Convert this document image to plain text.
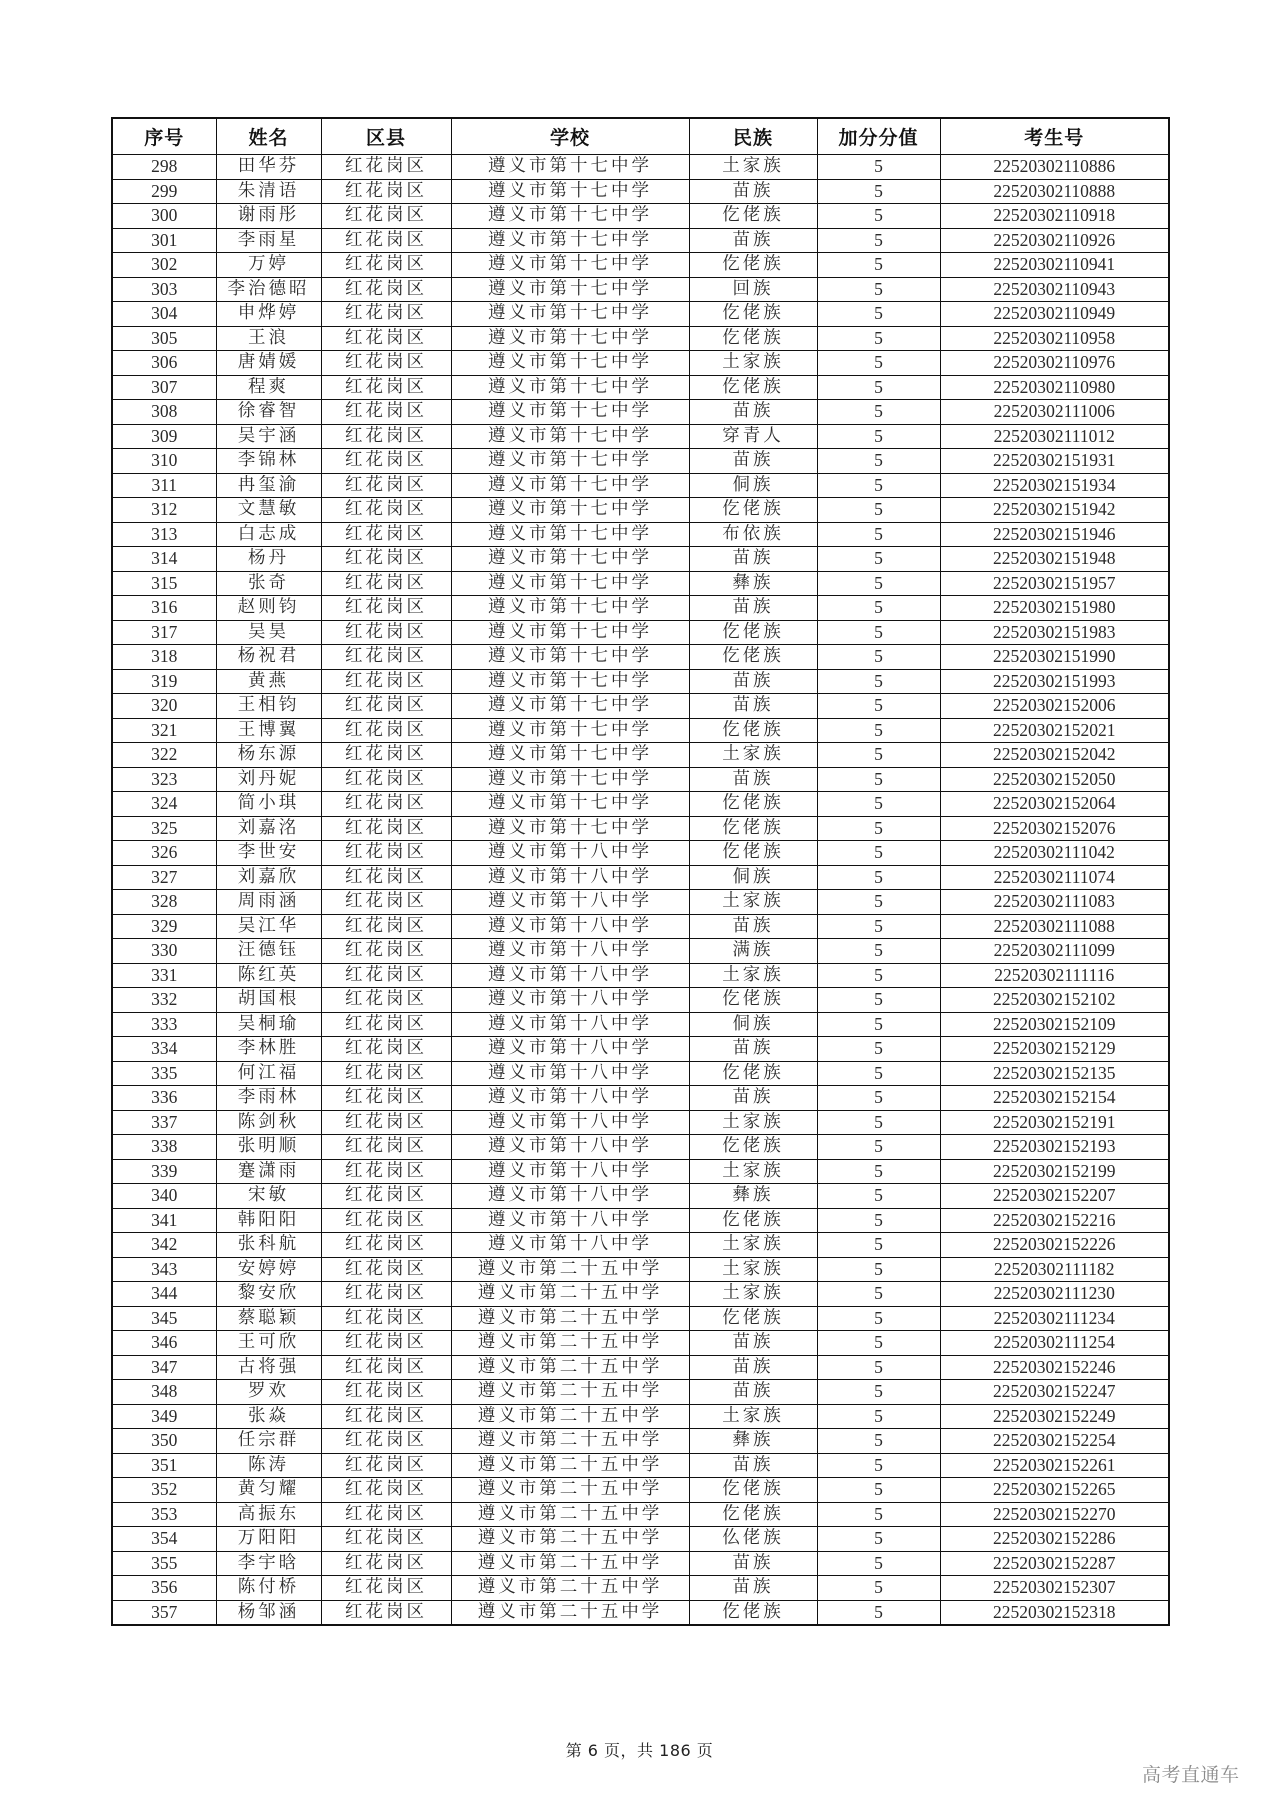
序号	姓名	区县	学校	民族	加分分值	考生号
298	田华芬	红花岗区	遵义市第十七中学	土家族	5	22520302110886
299	朱清语	红花岗区	遵义市第十七中学	苗族	5	22520302110888
300	谢雨彤	红花岗区	遵义市第十七中学	仡佬族	5	22520302110918
301	李雨星	红花岗区	遵义市第十七中学	苗族	5	22520302110926
302	万婷	红花岗区	遵义市第十七中学	仡佬族	5	22520302110941
303	李治德昭	红花岗区	遵义市第十七中学	回族	5	22520302110943
304	申烨婷	红花岗区	遵义市第十七中学	仡佬族	5	22520302110949
305	王浪	红花岗区	遵义市第十七中学	仡佬族	5	22520302110958
306	唐婧媛	红花岗区	遵义市第十七中学	土家族	5	22520302110976
307	程爽	红花岗区	遵义市第十七中学	仡佬族	5	22520302110980
308	徐睿智	红花岗区	遵义市第十七中学	苗族	5	22520302111006
309	吴宇涵	红花岗区	遵义市第十七中学	穿青人	5	22520302111012
310	李锦林	红花岗区	遵义市第十七中学	苗族	5	22520302151931
311	冉玺渝	红花岗区	遵义市第十七中学	侗族	5	22520302151934
312	文慧敏	红花岗区	遵义市第十七中学	仡佬族	5	22520302151942
313	白志成	红花岗区	遵义市第十七中学	布依族	5	22520302151946
314	杨丹	红花岗区	遵义市第十七中学	苗族	5	22520302151948
315	张奇	红花岗区	遵义市第十七中学	彝族	5	22520302151957
316	赵则钧	红花岗区	遵义市第十七中学	苗族	5	22520302151980
317	吴昊	红花岗区	遵义市第十七中学	仡佬族	5	22520302151983
318	杨祝君	红花岗区	遵义市第十七中学	仡佬族	5	22520302151990
319	黄燕	红花岗区	遵义市第十七中学	苗族	5	22520302151993
320	王相钧	红花岗区	遵义市第十七中学	苗族	5	22520302152006
321	王博翼	红花岗区	遵义市第十七中学	仡佬族	5	22520302152021
322	杨东源	红花岗区	遵义市第十七中学	土家族	5	22520302152042
323	刘丹妮	红花岗区	遵义市第十七中学	苗族	5	22520302152050
324	简小琪	红花岗区	遵义市第十七中学	仡佬族	5	22520302152064
325	刘嘉洺	红花岗区	遵义市第十七中学	仡佬族	5	22520302152076
326	李世安	红花岗区	遵义市第十八中学	仡佬族	5	22520302111042
327	刘嘉欣	红花岗区	遵义市第十八中学	侗族	5	22520302111074
328	周雨涵	红花岗区	遵义市第十八中学	土家族	5	22520302111083
329	吴江华	红花岗区	遵义市第十八中学	苗族	5	22520302111088
330	汪德钰	红花岗区	遵义市第十八中学	满族	5	22520302111099
331	陈红英	红花岗区	遵义市第十八中学	土家族	5	22520302111116
332	胡国根	红花岗区	遵义市第十八中学	仡佬族	5	22520302152102
333	吴桐瑜	红花岗区	遵义市第十八中学	侗族	5	22520302152109
334	李林胜	红花岗区	遵义市第十八中学	苗族	5	22520302152129
335	何江福	红花岗区	遵义市第十八中学	仡佬族	5	22520302152135
336	李雨林	红花岗区	遵义市第十八中学	苗族	5	22520302152154
337	陈剑秋	红花岗区	遵义市第十八中学	土家族	5	22520302152191
338	张明顺	红花岗区	遵义市第十八中学	仡佬族	5	22520302152193
339	蹇潇雨	红花岗区	遵义市第十八中学	土家族	5	22520302152199
340	宋敏	红花岗区	遵义市第十八中学	彝族	5	22520302152207
341	韩阳阳	红花岗区	遵义市第十八中学	仡佬族	5	22520302152216
342	张科航	红花岗区	遵义市第十八中学	土家族	5	22520302152226
343	安婷婷	红花岗区	遵义市第二十五中学	土家族	5	22520302111182
344	黎安欣	红花岗区	遵义市第二十五中学	土家族	5	22520302111230
345	蔡聪颖	红花岗区	遵义市第二十五中学	仡佬族	5	22520302111234
346	王可欣	红花岗区	遵义市第二十五中学	苗族	5	22520302111254
347	古将强	红花岗区	遵义市第二十五中学	苗族	5	22520302152246
348	罗欢	红花岗区	遵义市第二十五中学	苗族	5	22520302152247
349	张焱	红花岗区	遵义市第二十五中学	土家族	5	22520302152249
350	任宗群	红花岗区	遵义市第二十五中学	彝族	5	22520302152254
351	陈涛	红花岗区	遵义市第二十五中学	苗族	5	22520302152261
352	黄匀耀	红花岗区	遵义市第二十五中学	仡佬族	5	22520302152265
353	高振东	红花岗区	遵义市第二十五中学	仡佬族	5	22520302152270
354	万阳阳	红花岗区	遵义市第二十五中学	仫佬族	5	22520302152286
355	李宇晗	红花岗区	遵义市第二十五中学	苗族	5	22520302152287
356	陈付桥	红花岗区	遵义市第二十五中学	苗族	5	22520302152307
357	杨邹涵	红花岗区	遵义市第二十五中学	仡佬族	5	22520302152318
第 6 页，共 186 页
高考直通车
